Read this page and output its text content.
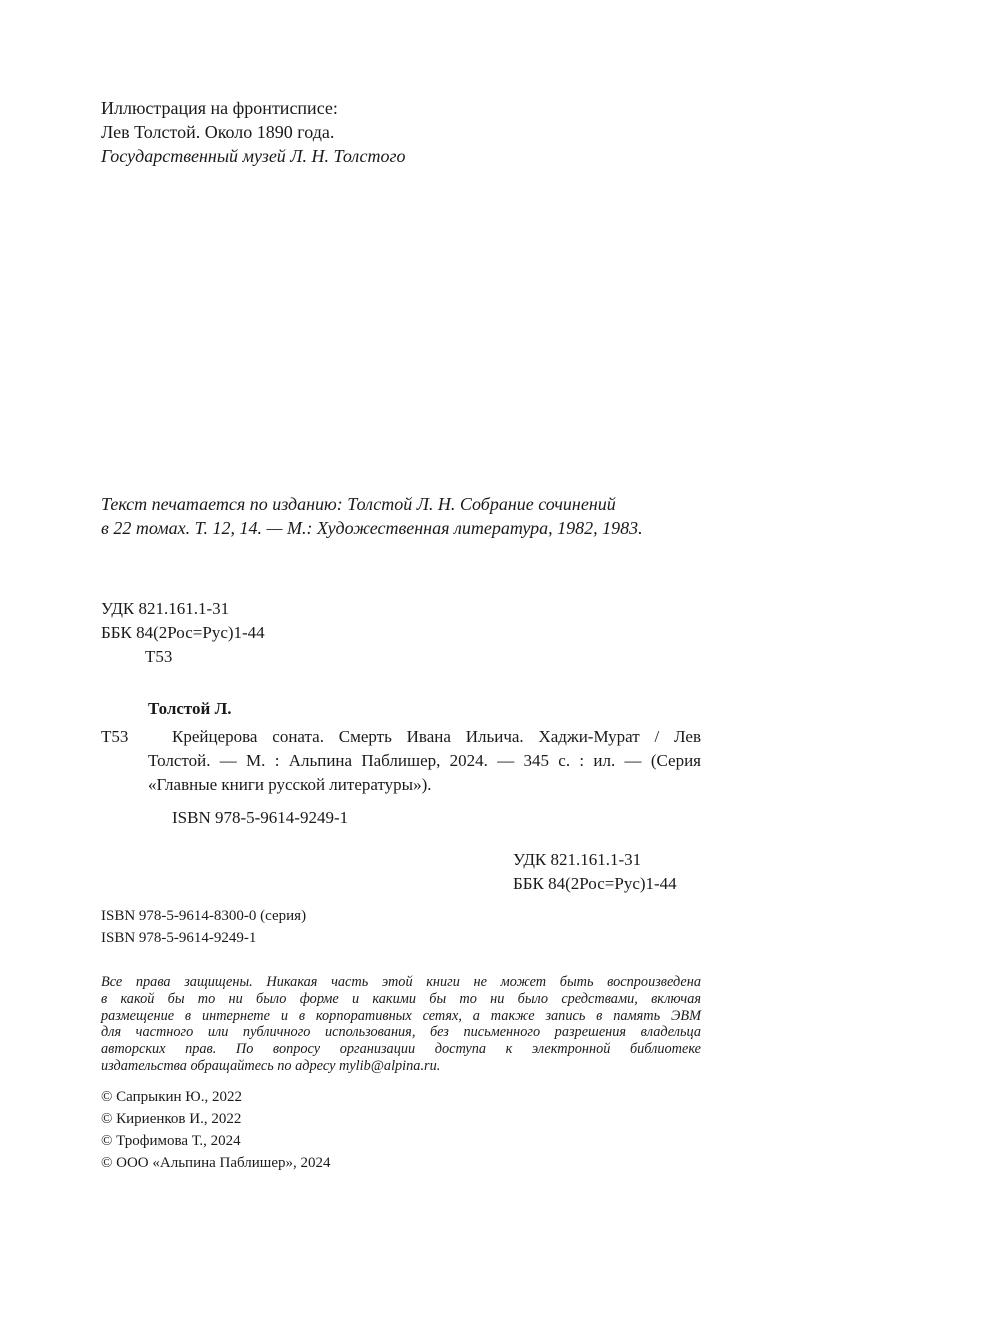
Иллюстрация на фронтисписе:
Лев Толстой. Около 1890 года.
Государственный музей Л. Н. Толстого
Текст печатается по изданию: Толстой Л. Н. Собрание сочинений
в 22 томах. Т. 12, 14. — М.: Художественная литература, 1982, 1983.
УДК 821.161.1-31
ББК 84(2Рос=Рус)1-44
Т53
Толстой Л.
Т53	Крейцерова соната. Смерть Ивана Ильича. Хаджи-Мурат / Лев
Толстой. — М. : Альпина Паблишер, 2024. — 345 с. : ил. — (Серия
«Главные книги русской литературы»).
ISBN 978-5-9614-9249-1
УДК 821.161.1-31
ББК 84(2Рос=Рус)1-44
ISBN 978-5-9614-8300-0 (серия)
ISBN 978-5-9614-9249-1
Все права защищены. Никакая часть этой книги не может быть воспроизведена
в какой бы то ни было форме и какими бы то ни было средствами, включая
размещение в интернете и в корпоративных сетях, а также запись в память ЭВМ
для частного или публичного использования, без письменного разрешения владельца
авторских прав. По вопросу организации доступа к электронной библиотеке
издательства обращайтесь по адресу mylib@alpina.ru.
© Сапрыкин Ю., 2022
© Кириенков И., 2022
© Трофимова Т., 2024
© ООО «Альпина Паблишер», 2024
